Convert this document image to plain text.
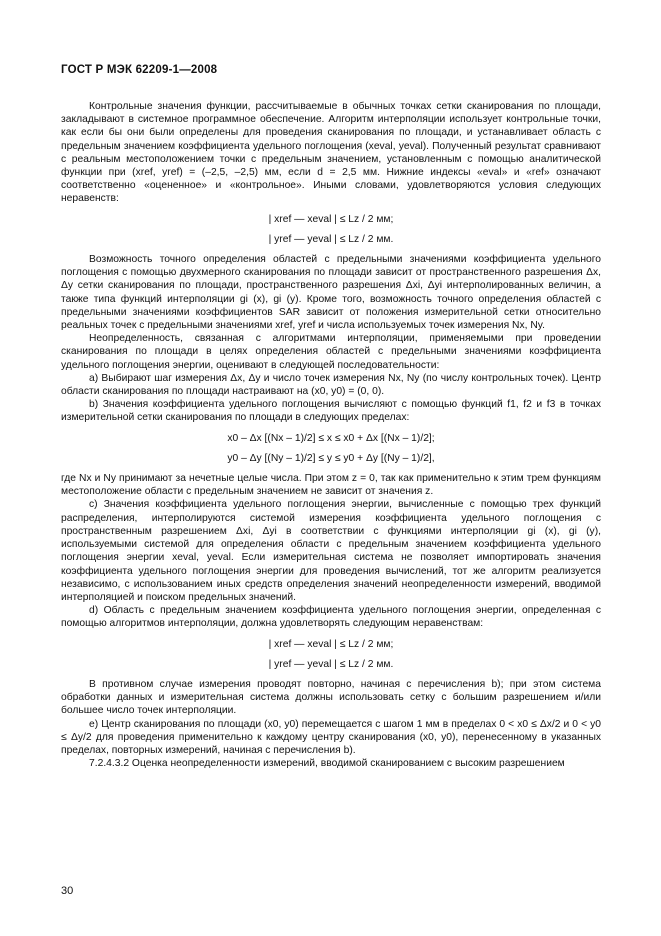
ГОСТ Р МЭК 62209-1—2008

Контрольные значения функции, рассчитываемые в обычных точках сетки сканирования по площади, закладывают в системное программное обеспечение. Алгоритм интерполяции использует контрольные точки, как если бы они были определены для проведения сканирования по площади, и устанавливает область с предельным значением коэффициента удельного поглощения (xeval, yeval). Полученный результат сравнивают с реальным местоположением точки с предельным значением, установленным с помощью аналитической функции при (xref, yref) = (–2,5, –2,5) мм, если d = 2,5 мм. Нижние индексы «eval» и «ref» означают соответственно «оцененное» и «контрольное». Иными словами, удовлетворяются условия следующих неравенств:

| xref — xeval | ≤ Lz / 2 мм;

| yref — yeval | ≤ Lz / 2 мм.

Возможность точного определения областей с предельными значениями коэффициента удельного поглощения с помощью двухмерного сканирования по площади зависит от пространственного разрешения Δx, Δy сетки сканирования по площади, пространственного разрешения Δxi, Δyi интерполированных величин, а также типа функций интерполяции gi (x), gi (y). Кроме того, возможность точного определения областей с предельными значениями коэффициентов SAR зависит от положения измерительной сетки относительно реальных точек с предельными значениями xref, yref и числа используемых точек измерения Nx, Ny.

Неопределенность, связанная с алгоритмами интерполяции, применяемыми при проведении сканирования по площади в целях определения областей с предельными значениями коэффициента удельного поглощения энергии, оценивают в следующей последовательности:

a) Выбирают шаг измерения Δx, Δy и число точек измерения Nx, Ny (по числу контрольных точек). Центр области сканирования по площади настраивают на (x0, y0) = (0, 0).

b) Значения коэффициента удельного поглощения вычисляют с помощью функций f1, f2 и f3 в точках измерительной сетки сканирования по площади в следующих пределах:

x0 – Δx [(Nx – 1)/2] ≤ x ≤ x0 + Δx [(Nx – 1)/2];

y0 – Δy [(Ny – 1)/2] ≤ y ≤ y0 + Δy [(Ny – 1)/2],

где Nx и Ny принимают за нечетные целые числа. При этом z = 0, так как применительно к этим трем функциям местоположение области с предельным значением не зависит от значения z.

c) Значения коэффициента удельного поглощения энергии, вычисленные с помощью трех функций распределения, интерполируются системой измерения коэффициента удельного поглощения с пространственным разрешением Δxi, Δyi в соответствии с функциями интерполяции gi (x), gi (y), используемыми системой для определения области с предельным значением коэффициента удельного поглощения энергии xeval, yeval. Если измерительная система не позволяет импортировать значения коэффициента удельного поглощения энергии для проведения вычислений, тот же алгоритм реализуется независимо, с использованием иных средств определения значений неопределенности измерений, вводимой интерполяцией и поиском предельных значений.

d) Область с предельным значением коэффициента удельного поглощения энергии, определенная с помощью алгоритмов интерполяции, должна удовлетворять следующим неравенствам:

| xref — xeval | ≤ Lz / 2 мм;

| yref — yeval | ≤ Lz / 2 мм.

В противном случае измерения проводят повторно, начиная с перечисления b); при этом система обработки данных и измерительная система должны использовать сетку с большим разрешением и/или большее число точек интерполяции.

e) Центр сканирования по площади (x0, y0) перемещается с шагом 1 мм в пределах 0 < x0 ≤ Δx/2 и 0 < y0 ≤ Δy/2 для проведения применительно к каждому центру сканирования (x0, y0), перенесенному в указанных пределах, повторных измерений, начиная с перечисления b).

7.2.4.3.2 Оценка неопределенности измерений, вводимой сканированием с высоким разрешением

30
